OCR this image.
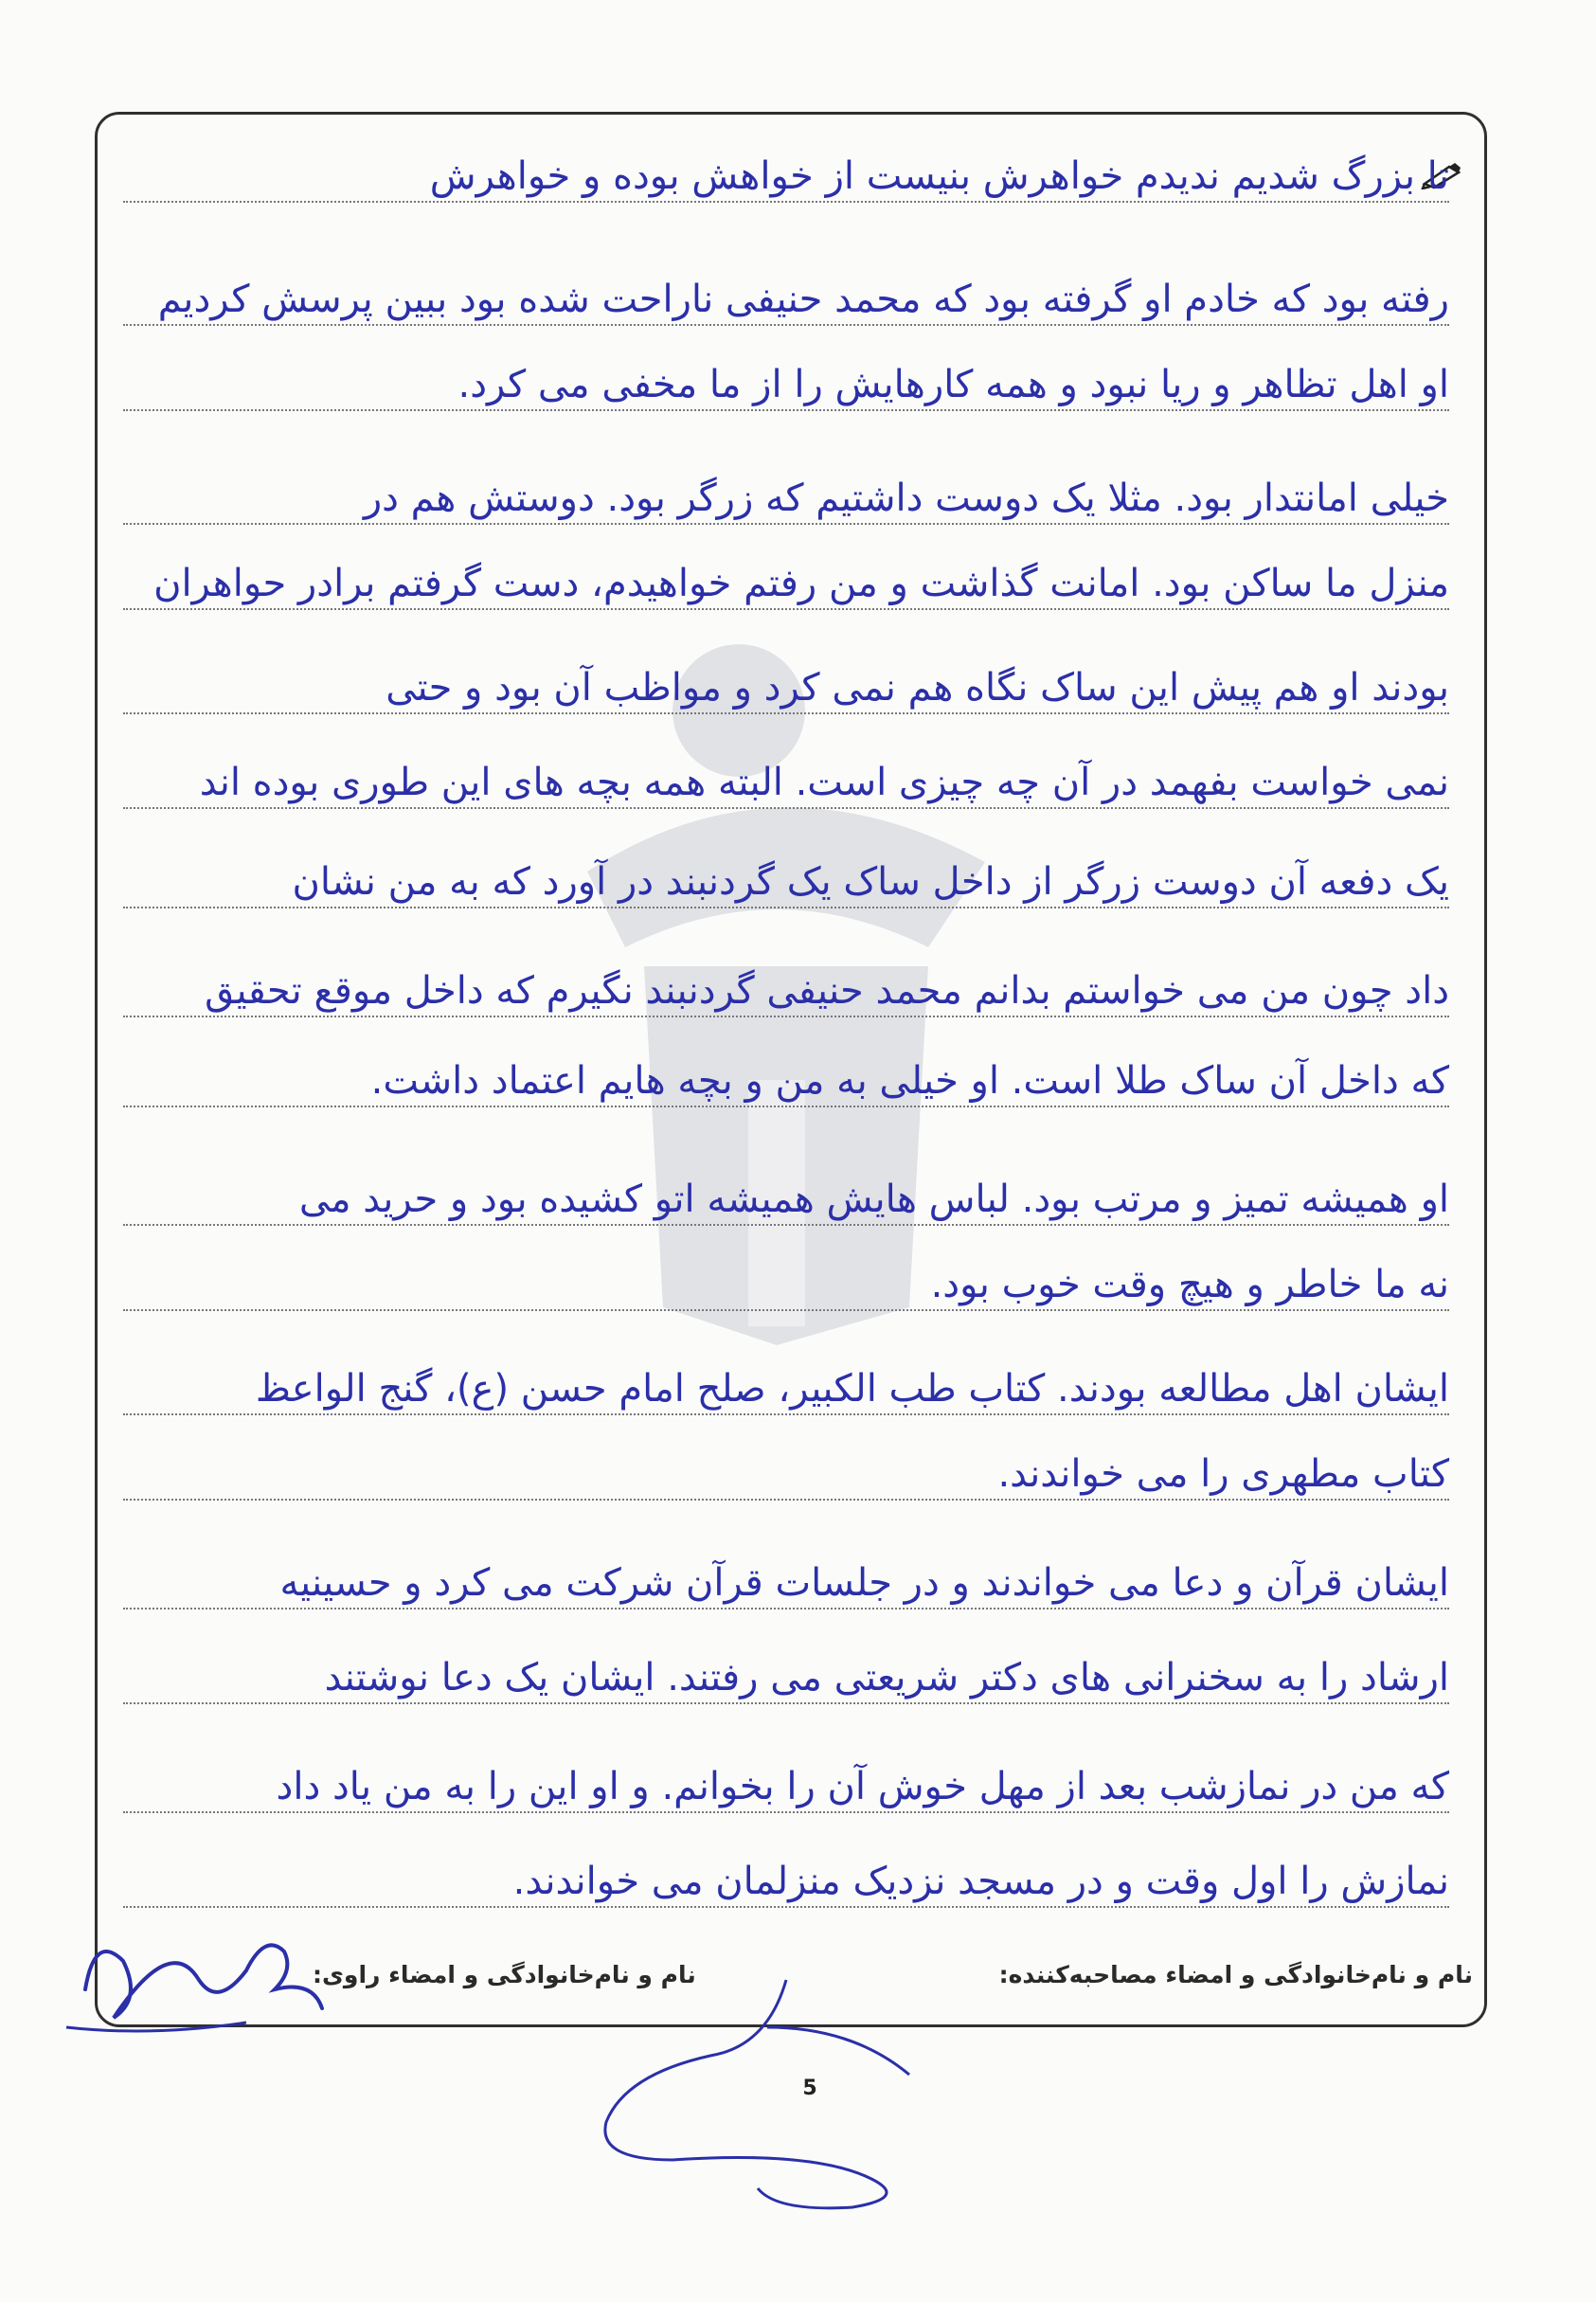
تا بزرگ شدیم ندیدم خواهرش بنیست از خواهش بوده و خواهرش
رفته بود که خادم او گرفته بود که محمد حنیفی ناراحت شده بود ببین پرسش کردیم
او اهل تظاهر و ریا نبود و همه کارهایش را از ما مخفی می کرد.
خیلی امانتدار بود. مثلا یک دوست داشتیم که زرگر بود. دوستش هم در
منزل ما ساکن بود. امانت گذاشت و من رفتم خواهیدم، دست گرفتم برادر حواهران
بودند او هم پیش این ساک نگاه هم نمی کرد و مواظب آن بود و حتی
نمی خواست بفهمد در آن چه چیزی است. البته همه بچه های این طوری بوده اند
یک دفعه آن دوست زرگر از داخل ساک یک گردنبند در آورد که به من نشان
داد چون من می خواستم بدانم محمد حنیفی گردنبند نگیرم که داخل موقع تحقیق
که داخل آن ساک طلا است. او خیلی به من و بچه هایم اعتماد داشت.
او همیشه تمیز و مرتب بود. لباس هایش همیشه اتو کشیده بود و حرید می
نه ما خاطر و هیچ وقت خوب بود.
ایشان اهل مطالعه بودند. کتاب طب الکبیر، صلح امام حسن (ع)، گنج الواعظ
کتاب مطهری را می خواندند.
ایشان قرآن و دعا می خواندند و در جلسات قرآن شرکت می کرد و حسینیه
ارشاد را به سخنرانی های دکتر شریعتی می رفتند. ایشان یک دعا نوشتند
که من در نمازشب بعد از مهل خوش آن را بخوانم. و او این را به من یاد داد
نمازش را اول وقت و در مسجد نزدیک منزلمان می خواندند.
نام و نام‌خانوادگی و امضاء مصاحبه‌کننده:
نام و نام‌خانوادگی و امضاء راوی:
5
